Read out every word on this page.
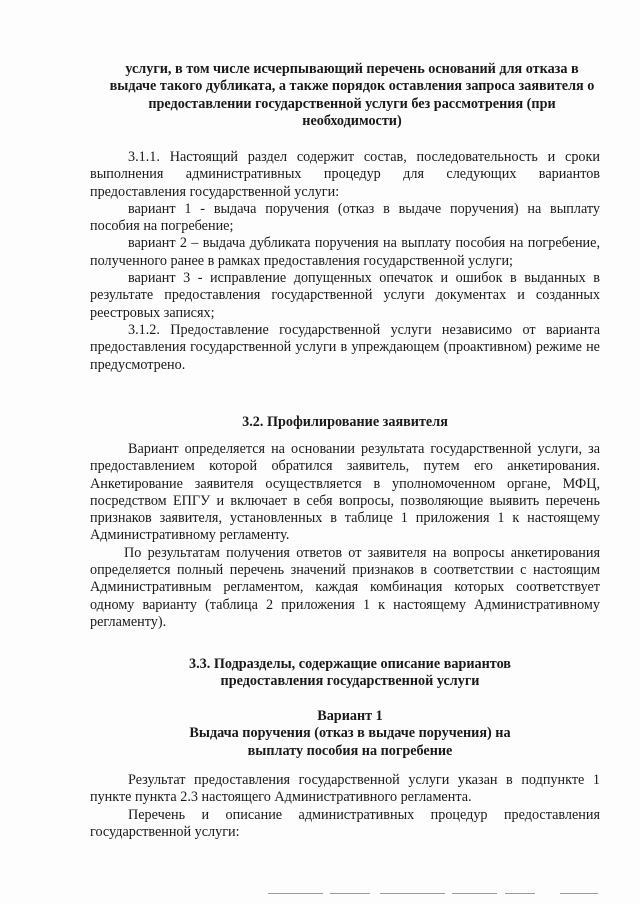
услуги, в том числе исчерпывающий перечень оснований для отказа в выдаче такого дубликата, а также порядок оставления запроса заявителя о предоставлении государственной услуги без рассмотрения (при необходимости)
3.1.1. Настоящий раздел содержит состав, последовательность и сроки выполнения административных процедур для следующих вариантов предоставления государственной услуги:
вариант 1 - выдача поручения (отказ в выдаче поручения) на выплату пособия на погребение;
вариант 2 – выдача дубликата поручения на выплату пособия на погребение, полученного ранее в рамках предоставления государственной услуги;
вариант 3 - исправление допущенных опечаток и ошибок в выданных в результате предоставления государственной услуги документах и созданных реестровых записях;
3.1.2. Предоставление государственной услуги независимо от варианта предоставления государственной услуги в упреждающем (проактивном) режиме не предусмотрено.
3.2. Профилирование заявителя
Вариант определяется на основании результата государственной услуги, за предоставлением которой обратился заявитель, путем его анкетирования. Анкетирование заявителя осуществляется в уполномоченном органе, МФЦ, посредством ЕПГУ и включает в себя вопросы, позволяющие выявить перечень признаков заявителя, установленных в таблице 1 приложения 1 к настоящему Административному регламенту.
По результатам получения ответов от заявителя на вопросы анкетирования определяется полный перечень значений признаков в соответствии с настоящим Административным регламентом, каждая комбинация которых соответствует одному варианту (таблица 2 приложения 1 к настоящему Административному регламенту).
3.3. Подразделы, содержащие описание вариантов предоставления государственной услуги
Вариант 1
Выдача поручения (отказ в выдаче поручения) на выплату пособия на погребение
Результат предоставления государственной услуги указан в подпункте 1 пункте пункта 2.3 настоящего Административного регламента.
Перечень и описание административных процедур предоставления государственной услуги:
